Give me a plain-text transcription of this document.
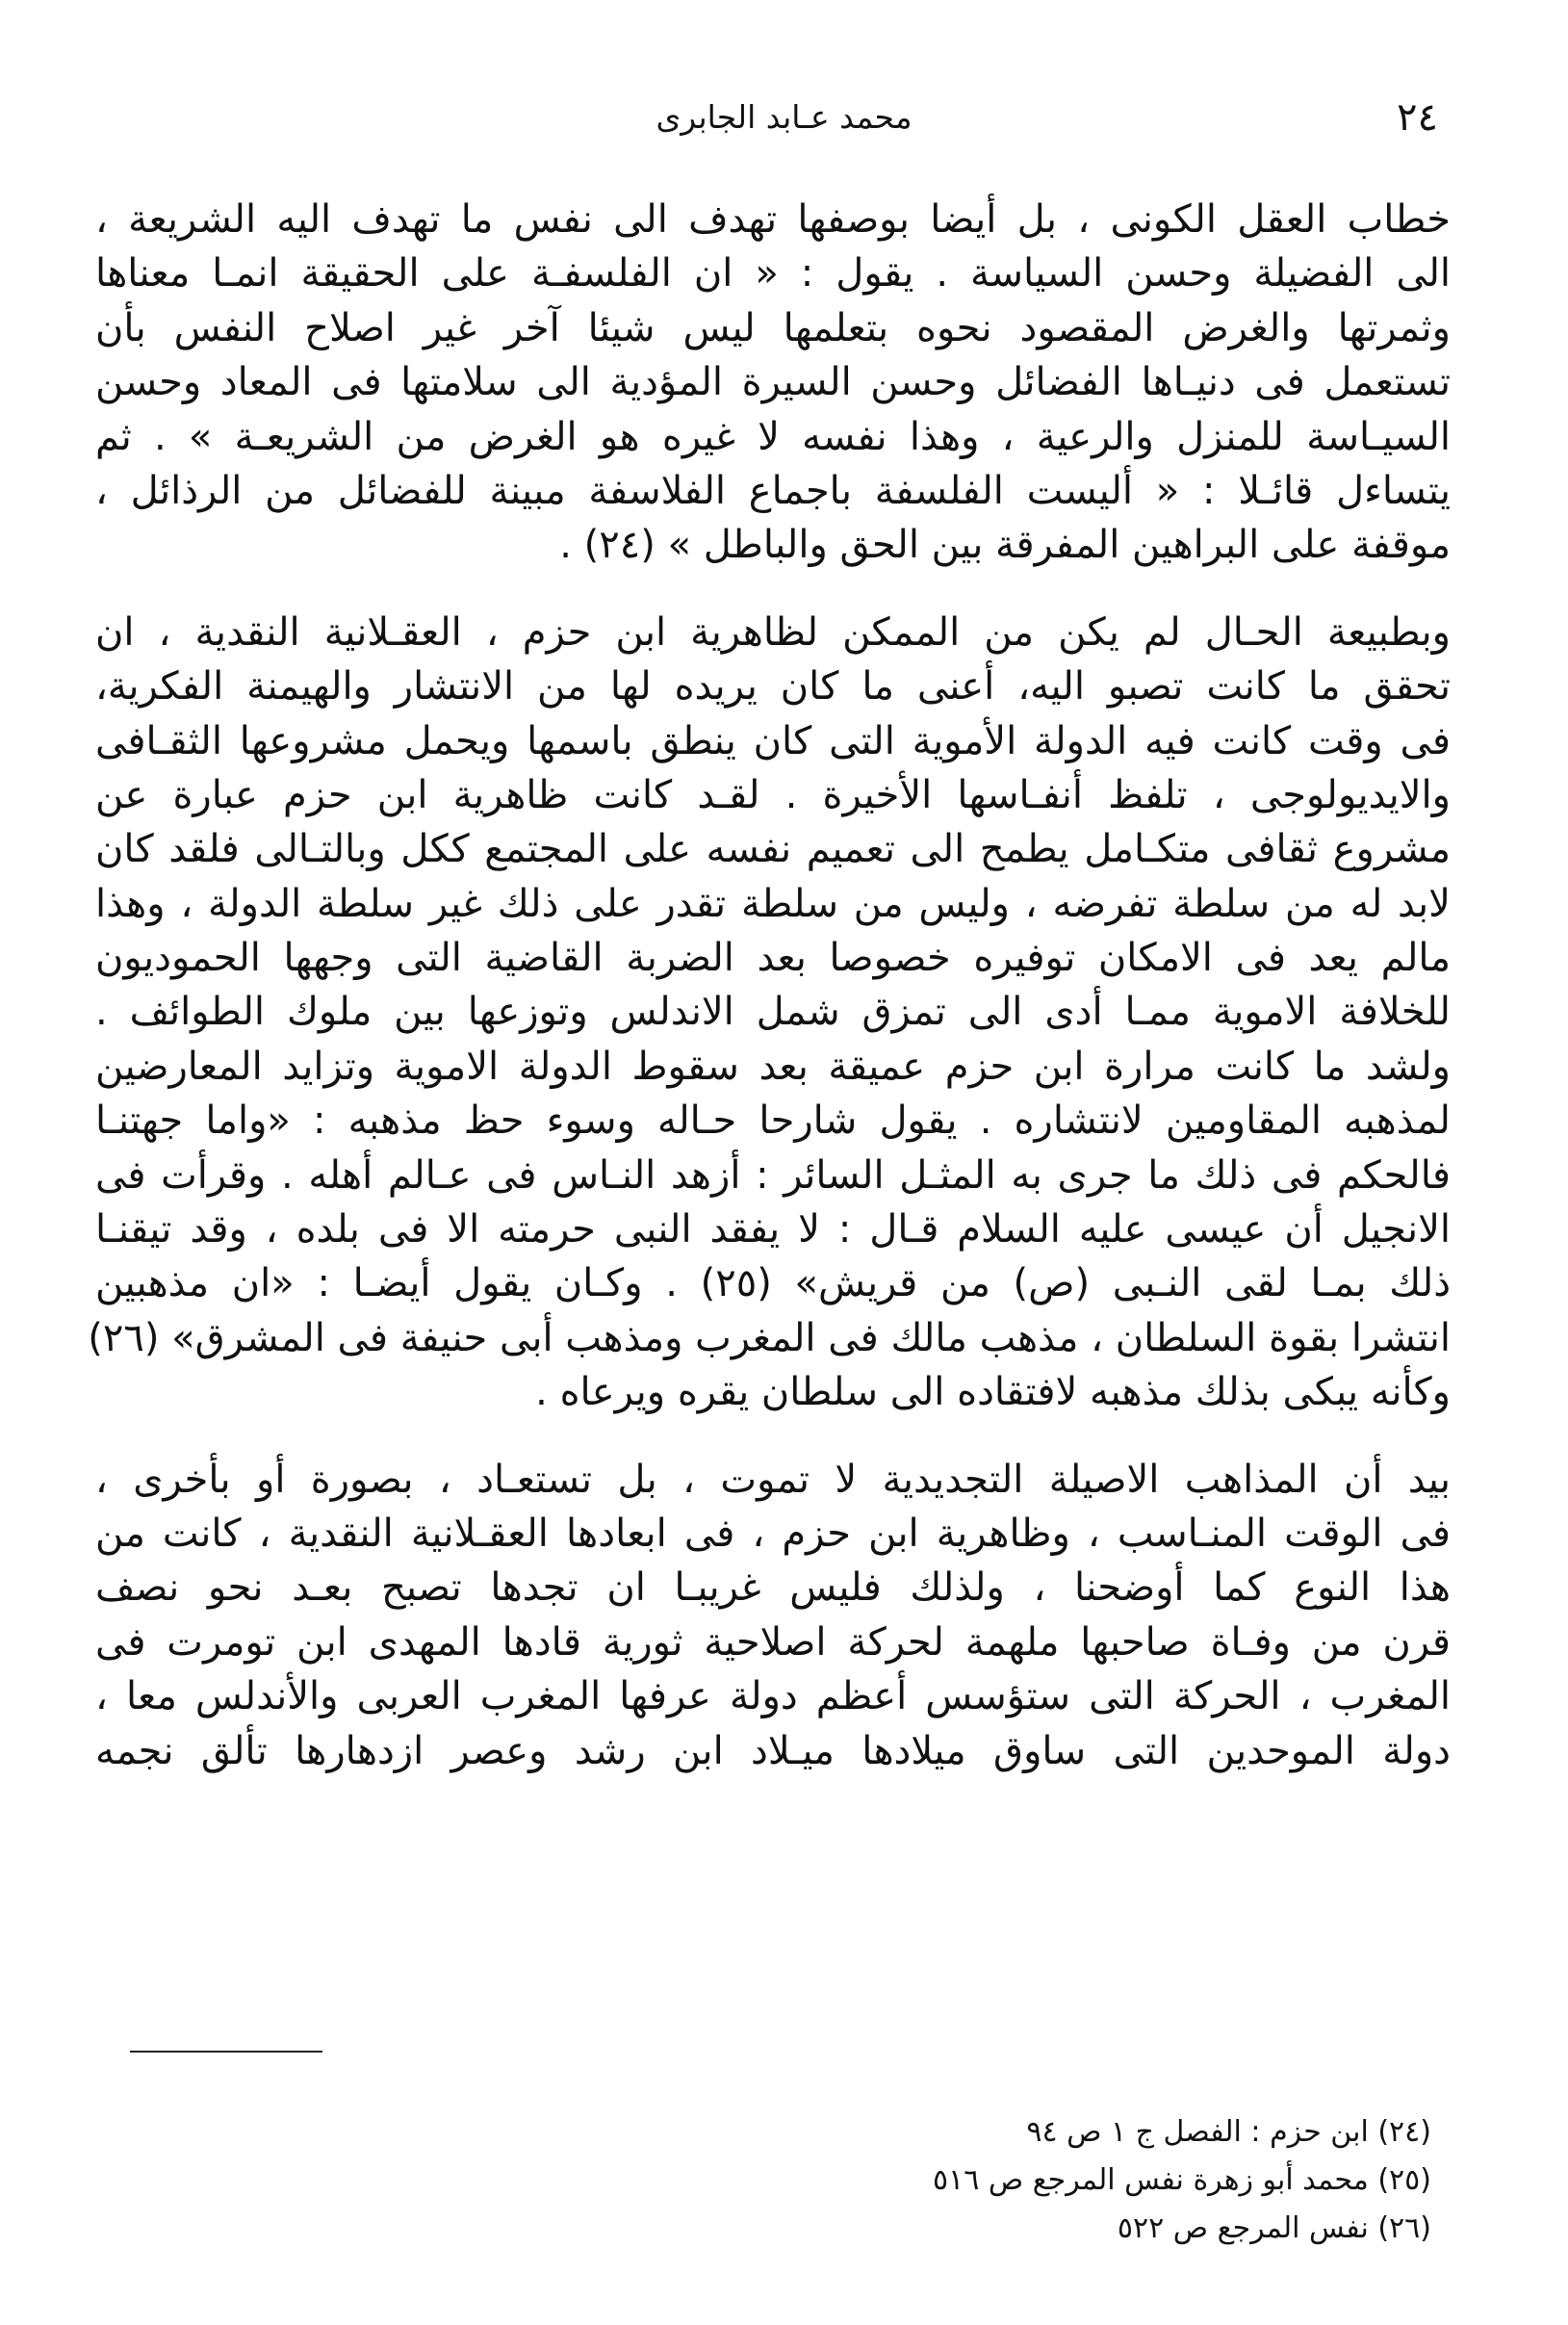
٢٤
محمد عـابد الجابرى
خطاب العقل الكونى ، بل أيضا بوصفها تهدف الى نفس ما تهدف اليه الشريعة ،
الى الفضيلة وحسن السياسة . يقول : « ان الفلسفـة على الحقيقة انمـا معناها
وثمرتها والغرض المقصود نحوه بتعلمها ليس شيئا آخر غير اصلاح النفس بأن
تستعمل فى دنيـاها الفضائل وحسن السيرة المؤدية الى سلامتها فى المعاد وحسن
السيـاسة للمنزل والرعية ، وهذا نفسه لا غيره هو الغرض من الشريعـة » . ثم
يتساءل قائـلا : « أليست الفلسفة باجماع الفلاسفة مبينة للفضائل من الرذائل ،
موقفة على البراهين المفرقة بين الحق والباطل » (٢٤) .
وبطبيعة الحـال لم يكن من الممكن لظاهرية ابن حزم ، العقـلانية النقدية ، ان
تحقق ما كانت تصبو اليه، أعنى ما كان يريده لها من الانتشار والهيمنة الفكرية،
فى وقت كانت فيه الدولة الأموية التى كان ينطق باسمها ويحمل مشروعها الثقـافى
والايديولوجى ، تلفظ أنفـاسها الأخيرة . لقـد كانت ظاهرية ابن حزم عبارة عن
مشروع ثقافى متكـامل يطمح الى تعميم نفسه على المجتمع ككل وبالتـالى فلقد كان
لابد له من سلطة تفرضه ، وليس من سلطة تقدر على ذلك غير سلطة الدولة ، وهذا
مالم يعد فى الامكان توفيره خصوصا بعد الضربة القاضية التى وجهها الحموديون
للخلافة الاموية ممـا أدى الى تمزق شمل الاندلس وتوزعها بين ملوك الطوائف .
ولشد ما كانت مرارة ابن حزم عميقة بعد سقوط الدولة الاموية وتزايد المعارضين
لمذهبه المقاومين لانتشاره . يقول شارحا حـاله وسوء حظ مذهبه : «واما جهتنـا
فالحكم فى ذلك ما جرى به المثـل السائر : أزهد النـاس فى عـالم أهله . وقرأت فى
الانجيل أن عيسى عليه السلام قـال : لا يفقد النبى حرمته الا فى بلده ، وقد تيقنـا
ذلك بمـا لقى النـبى (ص) من قريش» (٢٥) . وكـان يقول أيضـا : «ان مذهبين
انتشرا بقوة السلطان ، مذهب مالك فى المغرب ومذهب أبى حنيفة فى المشرق» (٢٦)
وكأنه يبكى بذلك مذهبه لافتقاده الى سلطان يقره ويرعاه .
بيد أن المذاهب الاصيلة التجديدية لا تموت ، بل تستعـاد ، بصورة أو بأخرى ،
فى الوقت المنـاسب ، وظاهرية ابن حزم ، فى ابعادها العقـلانية النقدية ، كانت من
هذا النوع كما أوضحنا ، ولذلك فليس غريبـا ان تجدها تصبح بعـد نحو نصف
قرن من وفـاة صاحبها ملهمة لحركة اصلاحية ثورية قادها المهدى ابن تومرت فى
المغرب ، الحركة التى ستؤسس أعظم دولة عرفها المغرب العربى والأندلس معا ،
دولة الموحدين التى ساوق ميلادها ميـلاد ابن رشد وعصر ازدهارها تألق نجمه
(٢٤) ابن حزم : الفصل ج ١ ص ٩٤
(٢٥) محمد أبو زهرة نفس المرجع ص ٥١٦
(٢٦) نفس المرجع ص ٥٢٢
